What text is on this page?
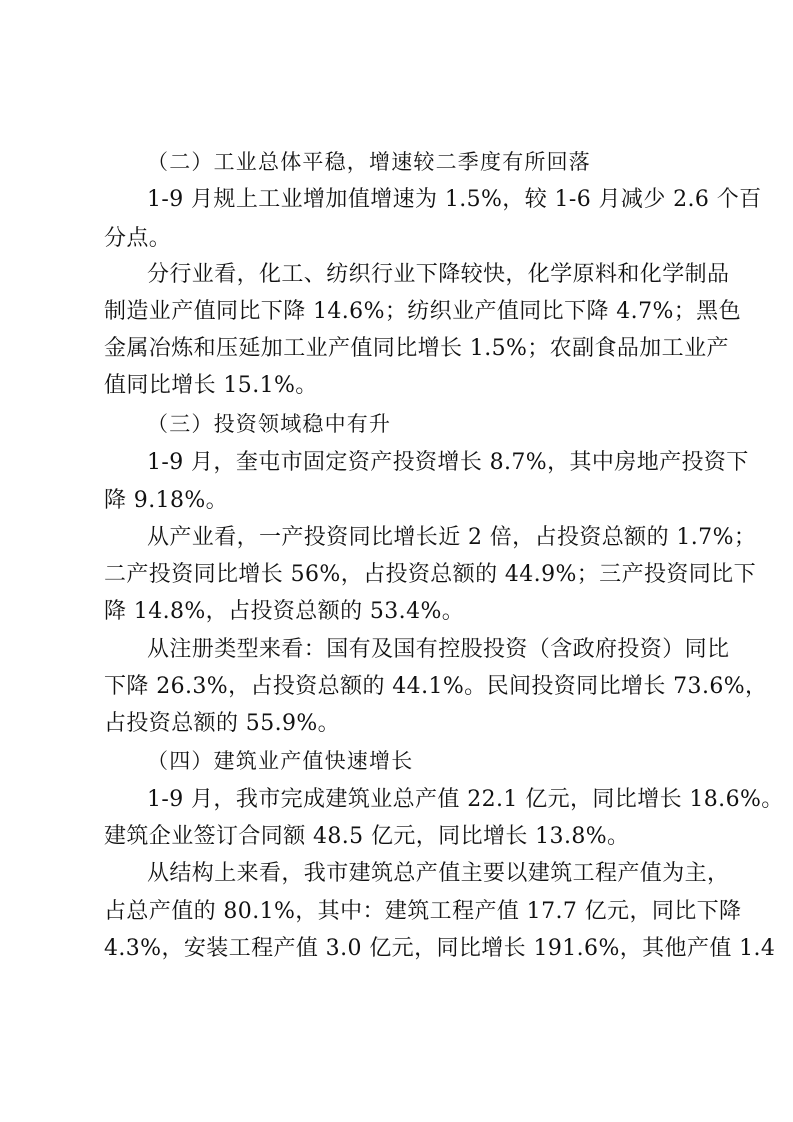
（二）工业总体平稳，增速较二季度有所回落
1-9 月规上工业增加值增速为 1.5%，较 1-6 月减少 2.6 个百
分点。
分行业看，化工、纺织行业下降较快，化学原料和化学制品
制造业产值同比下降 14.6%；纺织业产值同比下降 4.7%；黑色
金属冶炼和压延加工业产值同比增长 1.5%；农副食品加工业产
值同比增长 15.1%。
（三）投资领域稳中有升
1-9 月，奎屯市固定资产投资增长 8.7%，其中房地产投资下
降 9.18%。
从产业看，一产投资同比增长近 2 倍，占投资总额的 1.7%；
二产投资同比增长 56%，占投资总额的 44.9%；三产投资同比下
降 14.8%，占投资总额的 53.4%。
从注册类型来看：国有及国有控股投资（含政府投资）同比
下降 26.3%，占投资总额的 44.1%。民间投资同比增长 73.6%，
占投资总额的 55.9%。
（四）建筑业产值快速增长
1-9 月，我市完成建筑业总产值 22.1 亿元，同比增长 18.6%。
建筑企业签订合同额 48.5 亿元，同比增长 13.8%。
从结构上来看，我市建筑总产值主要以建筑工程产值为主，
占总产值的 80.1%，其中：建筑工程产值 17.7 亿元，同比下降
4.3%，安装工程产值 3.0 亿元，同比增长 191.6%，其他产值 1.4
